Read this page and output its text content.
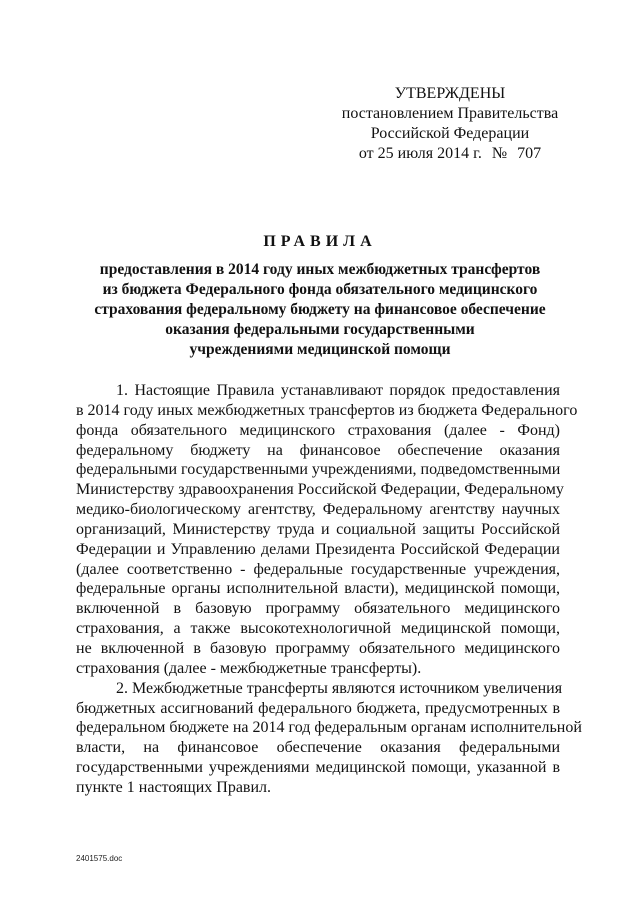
УТВЕРЖДЕНЫ
постановлением Правительства
Российской Федерации
от 25 июля 2014 г. № 707
ПРАВИЛА
предоставления в 2014 году иных межбюджетных трансфертов
из бюджета Федерального фонда обязательного медицинского
страхования федеральному бюджету на финансовое обеспечение
оказания федеральными государственными
учреждениями медицинской помощи

1. Настоящие Правила устанавливают порядок предоставления
в 2014 году иных межбюджетных трансфертов из бюджета Федерального
фонда обязательного медицинского страхования (далее - Фонд)
федеральному бюджету на финансовое обеспечение оказания
федеральными государственными учреждениями, подведомственными
Министерству здравоохранения Российской Федерации, Федеральному
медико-биологическому агентству, Федеральному агентству научных
организаций, Министерству труда и социальной защиты Российской
Федерации и Управлению делами Президента Российской Федерации
(далее соответственно - федеральные государственные учреждения,
федеральные органы исполнительной власти), медицинской помощи,
включенной в базовую программу обязательного медицинского
страхования, а также высокотехнологичной медицинской помощи,
не включенной в базовую программу обязательного медицинского
страхования (далее - межбюджетные трансферты).

2. Межбюджетные трансферты являются источником увеличения
бюджетных ассигнований федерального бюджета, предусмотренных в
федеральном бюджете на 2014 год федеральным органам исполнительной
власти, на финансовое обеспечение оказания федеральными
государственными учреждениями медицинской помощи, указанной в
пункте 1 настоящих Правил.

2401575.doc
